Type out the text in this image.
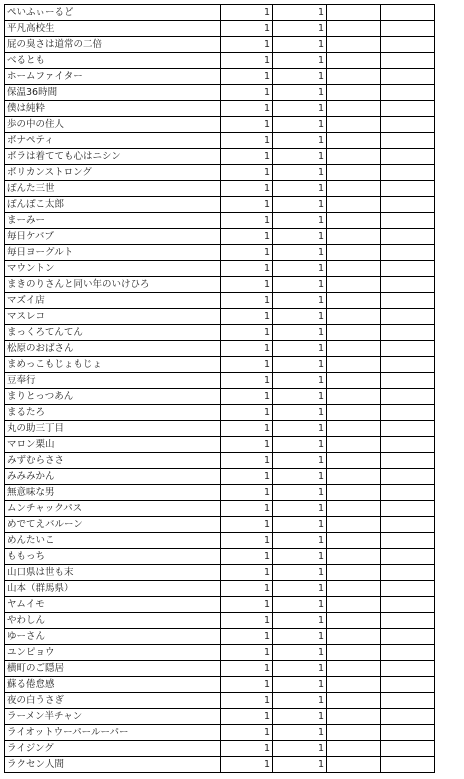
ぺいふぃーるど	1	1		
平凡高校生	1	1		
屁の臭さは道常の二倍	1	1		
べるとも	1	1		
ホームファイター	1	1		
保温36時間	1	1		
僕は純粋	1	1		
歩の中の住人	1	1		
ボナペティ	1	1		
ボラは着てても心はニシン	1	1		
ボリカンストロング	1	1		
ぽんた三世	1	1		
ぽんぽこ太郎	1	1		
まーみー	1	1		
毎日ケバブ	1	1		
毎日ヨーグルト	1	1		
マウントン	1	1		
まきのりさんと同い年のいけひろ	1	1		
マズイ店	1	1		
マスレコ	1	1		
まっくろてんてん	1	1		
松原のおばさん	1	1		
まめっこもじょもじょ	1	1		
豆奉行	1	1		
まりとっつあん	1	1		
まるたろ	1	1		
丸の助三丁目	1	1		
マロン栗山	1	1		
みずむらささ	1	1		
みみみかん	1	1		
無意味な男	1	1		
ムンチャックパス	1	1		
めでてえバルーン	1	1		
めんたいこ	1	1		
ももっち	1	1		
山口県は世も末	1	1		
山本（群馬県）	1	1		
ヤムイモ	1	1		
やわしん	1	1		
ゆーさん	1	1		
ユンピョウ	1	1		
横町のご隠居	1	1		
蘇る倦怠感	1	1		
夜の白うさぎ	1	1		
ラーメン半チャン	1	1		
ライオットウーパールーパー	1	1		
ライジング	1	1		
ラクセン人間	1	1		
